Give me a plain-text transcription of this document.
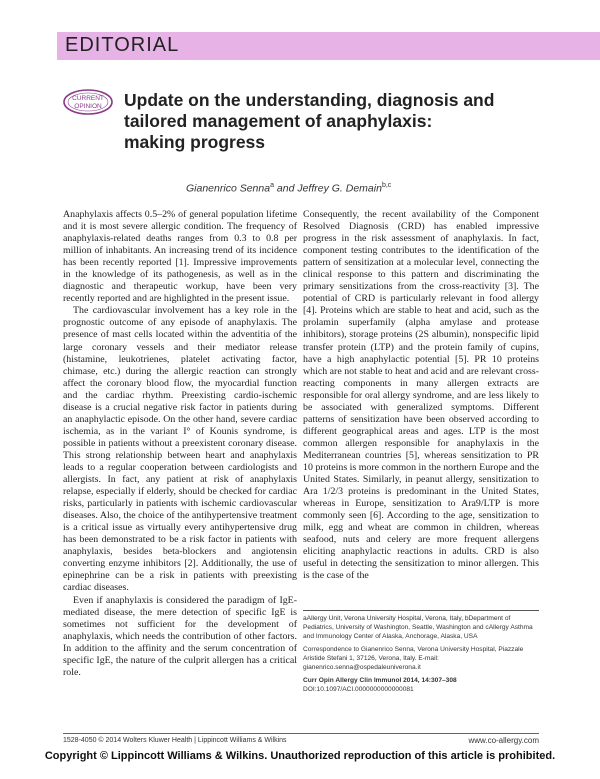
EDITORIAL
CURRENT
OPINION Update on the understanding, diagnosis and
tailored management of anaphylaxis:
making progress
Gianenrico Senna$^a$ and Jeffrey G. Demain$^{b,c}$

Anaphylaxis affects 0.5–2% of general population lifetime and it is most severe allergic condition. The frequency of anaphylaxis-related deaths ranges from 0.3 to 0.8 per million of inhabitants. An increasing trend of its incidence has been recently reported [1]. Impressive improvements in the knowledge of its pathogenesis, as well as in the diagnostic and therapeutic workup, have been very recently reported and are highlighted in the present issue.

The cardiovascular involvement has a key role in the prognostic outcome of any episode of anaphylaxis. The presence of mast cells located within the adventitia of the large coronary vessels and their mediator release (histamine, leukotrienes, platelet activating factor, chimase, etc.) during the allergic reaction can strongly affect the coronary blood flow, the myocardial function and the cardiac rhythm. Preexisting cardio-ischemic disease is a crucial negative risk factor in patients during an anaphylactic episode. On the other hand, severe cardiac ischemia, as in the variant I° of Kounis syndrome, is possible in patients without a preexistent coronary disease. This strong relationship between heart and anaphylaxis leads to a regular cooperation between cardiologists and allergists. In fact, any patient at risk of anaphylaxis relapse, especially if elderly, should be checked for cardiac risks, particularly in patients with ischemic cardiovascular diseases. Also, the choice of the antihypertensive treatment is a critical issue as virtually every antihypertensive drug has been demonstrated to be a risk factor in patients with anaphylaxis, besides beta-blockers and angiotensin converting enzyme inhibitors [2]. Additionally, the use of epinephrine can be a risk in patients with preexisting cardiac diseases.

Even if anaphylaxis is considered the paradigm of IgE-mediated disease, the mere detection of specific IgE is sometimes not sufficient for the development of anaphylaxis, which needs the contribution of other factors. In addition to the affinity and the serum concentration of specific IgE, the nature of the culprit allergen has a critical role.

Consequently, the recent availability of the Component Resolved Diagnosis (CRD) has enabled impressive progress in the risk assessment of anaphylaxis. In fact, component testing contributes to the identification of the pattern of sensitization at a molecular level, connecting the clinical response to this pattern and discriminating the primary sensitizations from the cross-reactivity [3]. The potential of CRD is particularly relevant in food allergy [4]. Proteins which are stable to heat and acid, such as the prolamin superfamily (alpha amylase and protease inhibitors), storage proteins (2S albumin), nonspecific lipid transfer protein (LTP) and the protein family of cupins, have a high anaphylactic potential [5]. PR 10 proteins which are not stable to heat and acid and are relevant cross-reacting components in many allergen extracts are responsible for oral allergy syndrome, and are less likely to be associated with generalized symptoms. Different patterns of sensitization have been observed according to different geographical areas and ages. LTP is the most common allergen responsible for anaphylaxis in the Mediterranean countries [5], whereas sensitization to PR 10 proteins is more common in the northern Europe and the United States. Similarly, in peanut allergy, sensitization to Ara 1/2/3 proteins is predominant in the United States, whereas in Europe, sensitization to Ara9/LTP is more commonly seen [6]. According to the age, sensitization to milk, egg and wheat are common in children, whereas seafood, nuts and celery are more frequent allergens eliciting anaphylactic reactions in adults. CRD is also useful in detecting the sensitization to minor allergen. This is the case of the

aAllergy Unit, Verona University Hospital, Verona, Italy, bDepartment of Pediatrics, University of Washington, Seattle, Washington and cAllergy Asthma and Immunology Center of Alaska, Anchorage, Alaska, USA

Correspondence to Gianenrico Senna, Verona University Hospital, Piazzale Aristide Stefani 1, 37126, Verona, Italy. E-mail: gianenrico.senna@ospedaleuniverona.it

Curr Opin Allergy Clin Immunol 2014, 14:307–308

DOI:10.1097/ACI.0000000000000081

1528-4050 © 2014 Wolters Kluwer Health | Lippincott Williams & Wilkins	www.co-allergy.com
Copyright © Lippincott Williams & Wilkins. Unauthorized reproduction of this article is prohibited.
